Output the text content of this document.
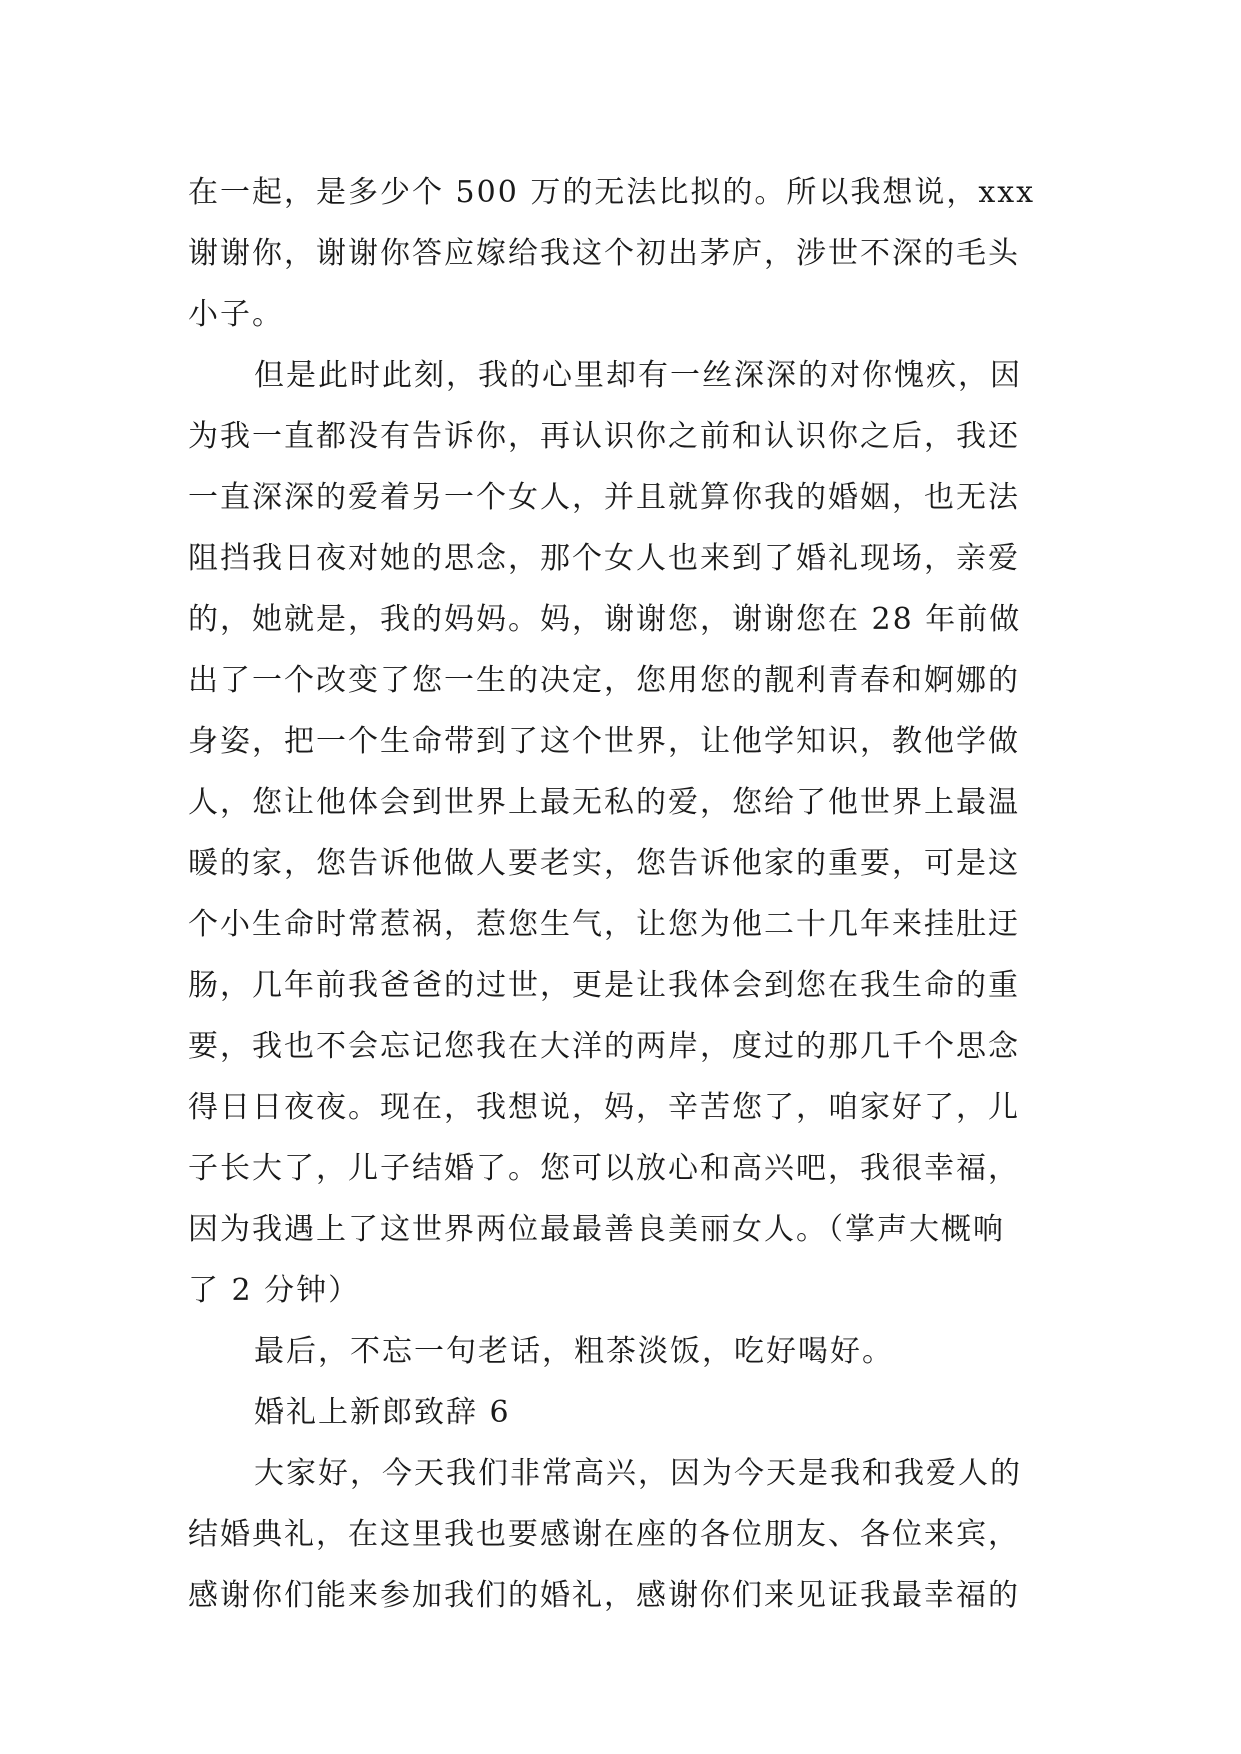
在一起，是多少个 500 万的无法比拟的。所以我想说，xxx
谢谢你，谢谢你答应嫁给我这个初出茅庐，涉世不深的毛头
小子。
但是此时此刻，我的心里却有一丝深深的对你愧疚，因
为我一直都没有告诉你，再认识你之前和认识你之后，我还
一直深深的爱着另一个女人，并且就算你我的婚姻，也无法
阻挡我日夜对她的思念，那个女人也来到了婚礼现场，亲爱
的，她就是，我的妈妈。妈，谢谢您，谢谢您在 28 年前做
出了一个改变了您一生的决定，您用您的靓利青春和婀娜的
身姿，把一个生命带到了这个世界，让他学知识，教他学做
人，您让他体会到世界上最无私的爱，您给了他世界上最温
暖的家，您告诉他做人要老实，您告诉他家的重要，可是这
个小生命时常惹祸，惹您生气，让您为他二十几年来挂肚迂
肠，几年前我爸爸的过世，更是让我体会到您在我生命的重
要，我也不会忘记您我在大洋的两岸，度过的那几千个思念
得日日夜夜。现在，我想说，妈，辛苦您了，咱家好了，儿
子长大了，儿子结婚了。您可以放心和高兴吧，我很幸福，
因为我遇上了这世界两位最最善良美丽女人。（掌声大概响
了 2 分钟）
最后，不忘一句老话，粗茶淡饭，吃好喝好。
婚礼上新郎致辞 6
大家好，今天我们非常高兴，因为今天是我和我爱人的
结婚典礼，在这里我也要感谢在座的各位朋友、各位来宾，
感谢你们能来参加我们的婚礼，感谢你们来见证我最幸福的
